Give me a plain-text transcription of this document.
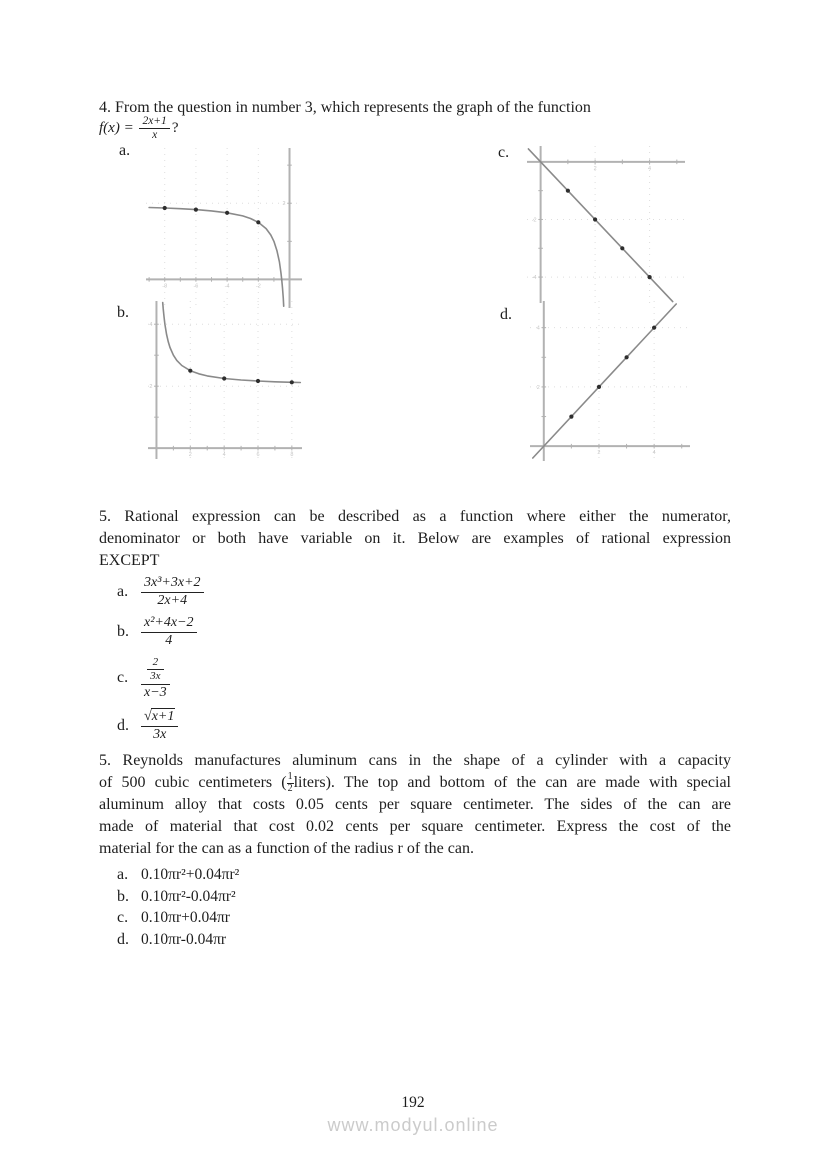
4. From the question in number 3, which represents the graph of the function
$f(x) = \frac{2x+1}{x}$ ?
a.
-8	-6	-4	-2
2
c.
2	4
-4
-2
b.
2	4	6	8
2
4
d.
2	4
2
4
5. Rational expression can be described as a function where either the numerator,
denominator or both have variable on it. Below are examples of rational expression
EXCEPT
a. $\frac{\text{3x³+3x+2}}{2x+4}$
b. $\frac{\text{x²+4x−2}}{4}$
c.	$\frac{\frac{2}{3x}}{x-3}$
d. $\frac{√x+1}{3x}$
5. Reynolds manufactures aluminum cans in the shape of a cylinder with a capacity
of 500 cubic centimeters ( $\frac{1}{2}$ liters). The top and bottom of the can are made with special
aluminum alloy that costs 0.05 cents per square centimeter. The sides of the can are
made of material that cost 0.02 cents per square centimeter. Express the cost of the
material for the can as a function of the radius r of the can.
a. 0.10πr²+0.04πr²
b. 0.10πr²-0.04πr²
c. 0.10πr+0.04πr
d. 0.10πr-0.04πr
192
www.modyul.online
